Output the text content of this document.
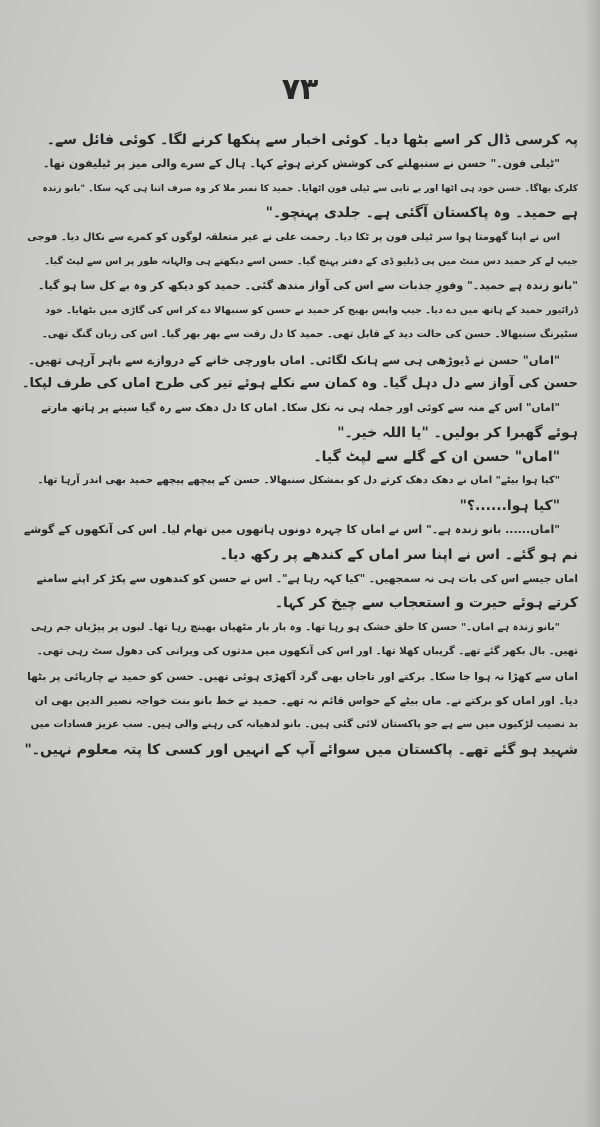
۷۳

پہ کرسی ڈال کر اسے بٹھا دیا۔ کوئی اخبار سے پنکھا کرنے لگا۔ کوئی فائل سے۔

"ٹیلی فون۔" حسن نے سنبھلنے کی کوشش کرتے ہوئے کہا۔ ہال کے سرے والی میز پر ٹیلیفون تھا۔

کلرک بھاگا۔ حسن خود ہی اٹھا اور بے تابی سے ٹیلی فون اٹھایا۔ حمید کا نمبر ملا کر وہ صرف اتنا ہی کہہ سکا۔ "بانو زندہ

ہے حمید۔ وہ پاکستان آگئی ہے۔ جلدی پہنچو۔"

اس نے اپنا گھومتا ہوا سر ٹیلی فون پر ٹکا دیا۔ رحمت علی نے غیر متعلقہ لوگوں کو کمرے سے نکال دیا۔ فوجی

جیپ لے کر حمید دس منٹ میں پی ڈبلیو ڈی کے دفتر پہنچ گیا۔ حسن اسے دیکھتے ہی والہانہ طور پر اس سے لپٹ گیا۔

"بانو زندہ ہے حمید۔" وفورِ جذبات سے اس کی آواز مندھ گئی۔ حمید کو دیکھ کر وہ بے کل سا ہو گیا۔

ڈرائیور حمید کے ہاتھ میں دے دیا۔ جیپ واپس بھیج کر حمید نے حسن کو سنبھالا دے کر اس کی گاڑی میں بٹھایا۔ خود

سٹیرنگ سنبھالا۔ حسن کی حالت دید کے قابل تھی۔ حمید کا دل رقت سے بھر بھر گیا۔ اس کی زبان گنگ تھی۔

"اماں" حسن نے ڈیوڑھی ہی سے ہانک لگائی۔ اماں باورچی خانے کے دروازے سے باہر آرہی تھیں۔

حسن کی آواز سے دل دہل گیا۔ وہ کمان سے نکلے ہوئے تیر کی طرح اماں کی طرف لپکا۔

"اماں" اس کے منہ سے کوئی اور جملہ ہی نہ نکل سکا۔ اماں کا دل دھک سے رہ گیا سینے پر ہاتھ مارتے

ہوئے گھبرا کر بولیں۔ "یا اللہ خیر۔"

"اماں" حسن ان کے گلے سے لپٹ گیا۔

"کیا ہوا بیٹے" اماں نے دھک دھک کرتے دل کو بمشکل سنبھالا۔ حسن کے پیچھے پیچھے حمید بھی اندر آرہا تھا۔

"کیا ہوا......؟"

"اماں...... بانو زندہ ہے۔" اس نے اماں کا چہرہ دونوں ہاتھوں میں تھام لیا۔ اس کی آنکھوں کے گوشے

نم ہو گئے۔ اس نے اپنا سر اماں کے کندھے پر رکھ دیا۔

اماں جیسے اس کی بات ہی نہ سمجھیں۔ "کیا کہہ رہا ہے"۔ اس نے حسن کو کندھوں سے پکڑ کر اپنے سامنے

کرتے ہوئے حیرت و استعجاب سے چیخ کر کہا۔

"بانو زندہ ہے اماں۔" حسن کا حلق خشک ہو رہا تھا۔ وہ بار بار مٹھیاں بھینچ رہا تھا۔ لبوں پر پپڑیاں جم رہی

تھیں۔ بال بکھر گئے تھے۔ گریباں کھلا تھا۔ اور اس کی آنکھوں میں مدتوں کی ویرانی کی دھول سٹ رہی تھی۔

اماں سے کھڑا نہ ہوا جا سکا۔ برکتے اور تاجاں بھی گرد آکھڑی ہوئی تھیں۔ حسن کو حمید نے چارپائی پر بٹھا

دیا۔ اور اماں کو برکتے نے۔ ماں بیٹے کے حواس قائم نہ تھے۔ حمید نے خط بانو بنت خواجہ نصیر الدین بھی ان

بد نصیب لڑکیوں میں سے ہے جو پاکستان لائی گئی ہیں۔ بانو لدھیانہ کی رہنے والی ہیں۔ سب عزیز فسادات میں

شہید ہو گئے تھے۔ پاکستان میں سوائے آپ کے انہیں اور کسی کا پتہ معلوم نہیں۔"
